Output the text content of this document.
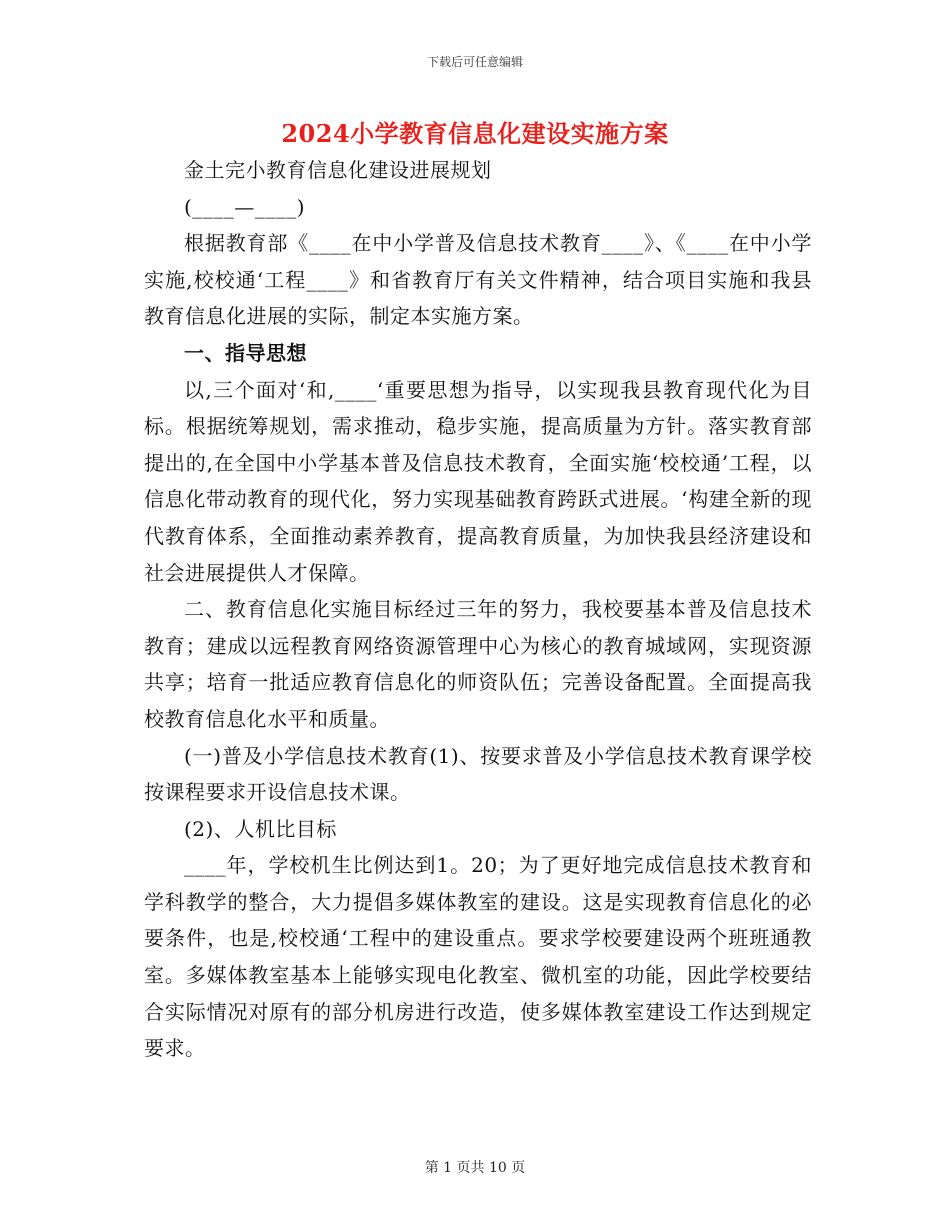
下载后可任意编辑
2024小学教育信息化建设实施方案

金土完小教育信息化建设进展规划

(____—____)

根据教育部《____在中小学普及信息技术教育____》、《____在中小学实施,校校通‘工程____》和省教育厅有关文件精神，结合项目实施和我县教育信息化进展的实际，制定本实施方案。

一、指导思想

以,三个面对‘和,____‘重要思想为指导，以实现我县教育现代化为目标。根据统筹规划，需求推动，稳步实施，提高质量为方针。落实教育部提出的,在全国中小学基本普及信息技术教育，全面实施‘校校通’工程，以信息化带动教育的现代化，努力实现基础教育跨跃式进展。‘构建全新的现代教育体系，全面推动素养教育，提高教育质量，为加快我县经济建设和社会进展提供人才保障。

二、教育信息化实施目标经过三年的努力，我校要基本普及信息技术教育；建成以远程教育网络资源管理中心为核心的教育城域网，实现资源共享；培育一批适应教育信息化的师资队伍；完善设备配置。全面提高我校教育信息化水平和质量。

(一)普及小学信息技术教育(1)、按要求普及小学信息技术教育课学校按课程要求开设信息技术课。

(2)、人机比目标

____年，学校机生比例达到1。20；为了更好地完成信息技术教育和学科教学的整合，大力提倡多媒体教室的建设。这是实现教育信息化的必要条件，也是,校校通‘工程中的建设重点。要求学校要建设两个班班通教室。多媒体教室基本上能够实现电化教室、微机室的功能，因此学校要结合实际情况对原有的部分机房进行改造，使多媒体教室建设工作达到规定要求。

第 1 页共 10 页
